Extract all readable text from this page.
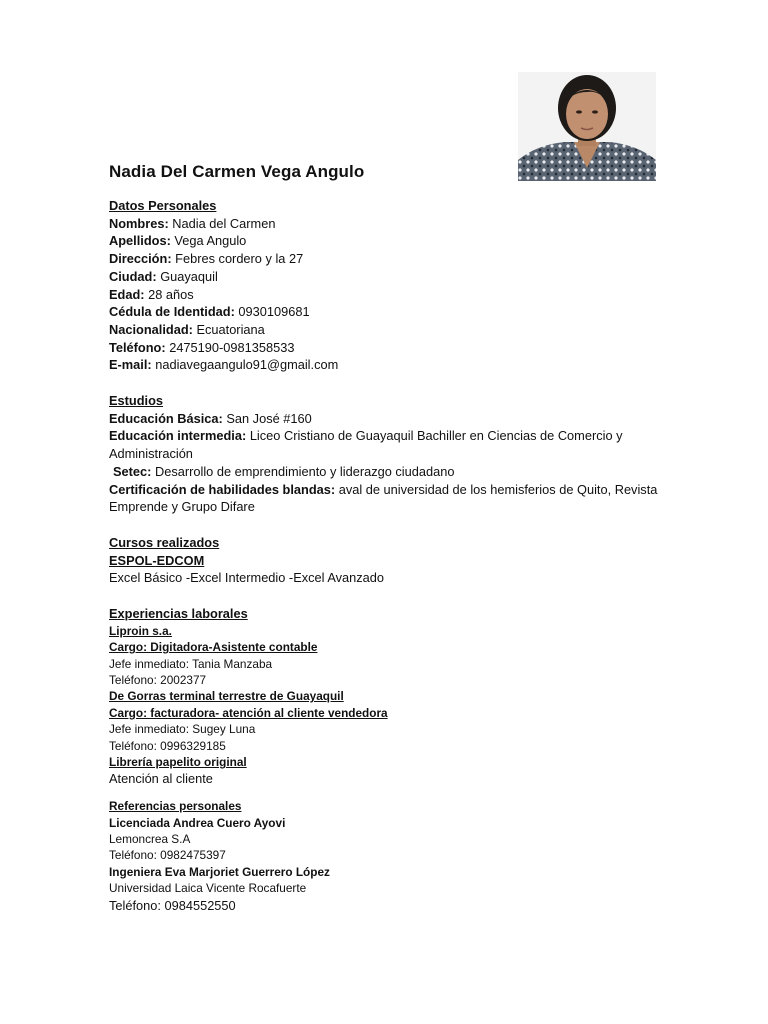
Nadia Del Carmen Vega Angulo
Datos Personales
Nombres: Nadia del Carmen
Apellidos: Vega Angulo
Dirección: Febres cordero y la 27
Ciudad: Guayaquil
Edad: 28 años
Cédula de Identidad: 0930109681
Nacionalidad: Ecuatoriana
Teléfono: 2475190-0981358533
E-mail: nadiavegaangulo91@gmail.com
Estudios
Educación Básica: San José #160
Educación intermedia: Liceo Cristiano de Guayaquil Bachiller en Ciencias de Comercio y Administración
Setec: Desarrollo de emprendimiento y liderazgo ciudadano
Certificación de habilidades blandas: aval de universidad de los hemisferios de Quito, Revista Emprende y Grupo Difare
Cursos realizados
ESPOL-EDCOM
Excel Básico -Excel Intermedio -Excel Avanzado
Experiencias laborales
Liproin s.a.
Cargo: Digitadora-Asistente contable
Jefe inmediato: Tania Manzaba
Teléfono: 2002377
De Gorras terminal terrestre de Guayaquil
Cargo: facturadora- atención al cliente vendedora
Jefe inmediato: Sugey Luna
Teléfono: 0996329185
Librería papelito original
Atención al cliente
Referencias personales
Licenciada Andrea Cuero Ayovi
Lemoncrea S.A
Teléfono: 0982475397
Ingeniera Eva Marjoriet Guerrero López
Universidad Laica Vicente Rocafuerte
Teléfono: 0984552550
